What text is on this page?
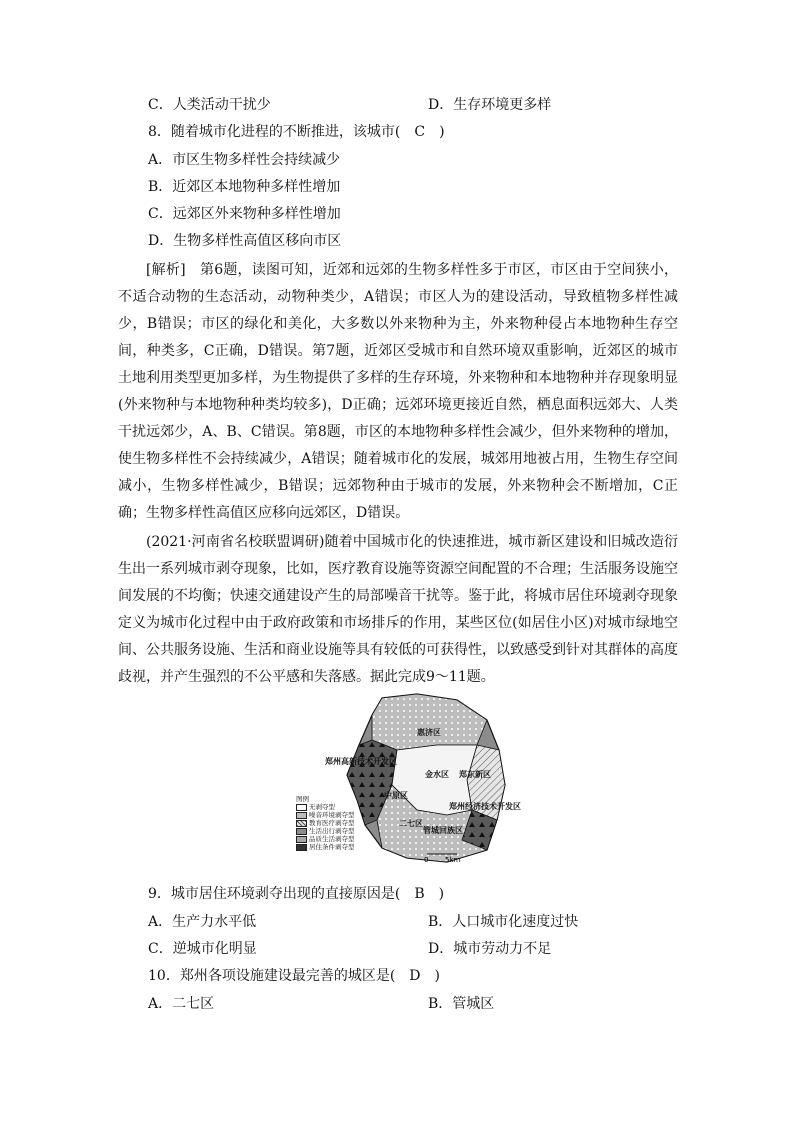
C．人类活动干扰少	D．生存环境更多样
8．随着城市化进程的不断推进，该城市(　C　)
A．市区生物多样性会持续减少
B．近郊区本地物种多样性增加
C．远郊区外来物种多样性增加
D．生物多样性高值区移向市区
[解析]　第6题，读图可知，近郊和远郊的生物多样性多于市区，市区由于空间狭小，不适合动物的生态活动，动物种类少，A错误；市区人为的建设活动，导致植物多样性减少，B错误；市区的绿化和美化，大多数以外来物种为主，外来物种侵占本地物种生存空间，种类多，C正确，D错误。第7题，近郊区受城市和自然环境双重影响，近郊区的城市土地利用类型更加多样，为生物提供了多样的生存环境，外来物种和本地物种并存现象明显(外来物种与本地物种种类均较多)，D正确；远郊环境更接近自然，栖息面积远郊大、人类干扰远郊少，A、B、C错误。第8题，市区的本地物种多样性会减少，但外来物种的增加，使生物多样性不会持续减少，A错误；随着城市化的发展，城郊用地被占用，生物生存空间减小，生物多样性减少，B错误；远郊物种由于城市的发展，外来物种会不断增加，C正确；生物多样性高值区应移向远郊区，D错误。
(2021·河南省名校联盟调研)随着中国城市化的快速推进，城市新区建设和旧城改造衍生出一系列城市剥夺现象，比如，医疗教育设施等资源空间配置的不合理；生活服务设施空间发展的不均衡；快速交通建设产生的局部噪音干扰等。鉴于此，将城市居住环境剥夺现象定义为城市化过程中由于政府政策和市场排斥的作用，某些区位(如居住小区)对城市绿地空间、公共服务设施、生活和商业设施等具有较低的可获得性，以致感受到针对其群体的高度歧视，并产生强烈的不公平感和失落感。据此完成9～11题。
惠济区
郑州高新技术开发区
金水区 郑东新区
中原区
郑州经济技术开发区
二七区
管城回族区
0 5km
图例
无剥夺型
噪音环境剥夺型
教育医疗剥夺型
生活出行剥夺型
品质生活剥夺型
居住条件剥夺型
9．城市居住环境剥夺出现的直接原因是(　B　)
A．生产力水平低	B．人口城市化速度过快
C．逆城市化明显	D．城市劳动力不足
10．郑州各项设施建设最完善的城区是(　D　)
A．二七区	B．管城区
